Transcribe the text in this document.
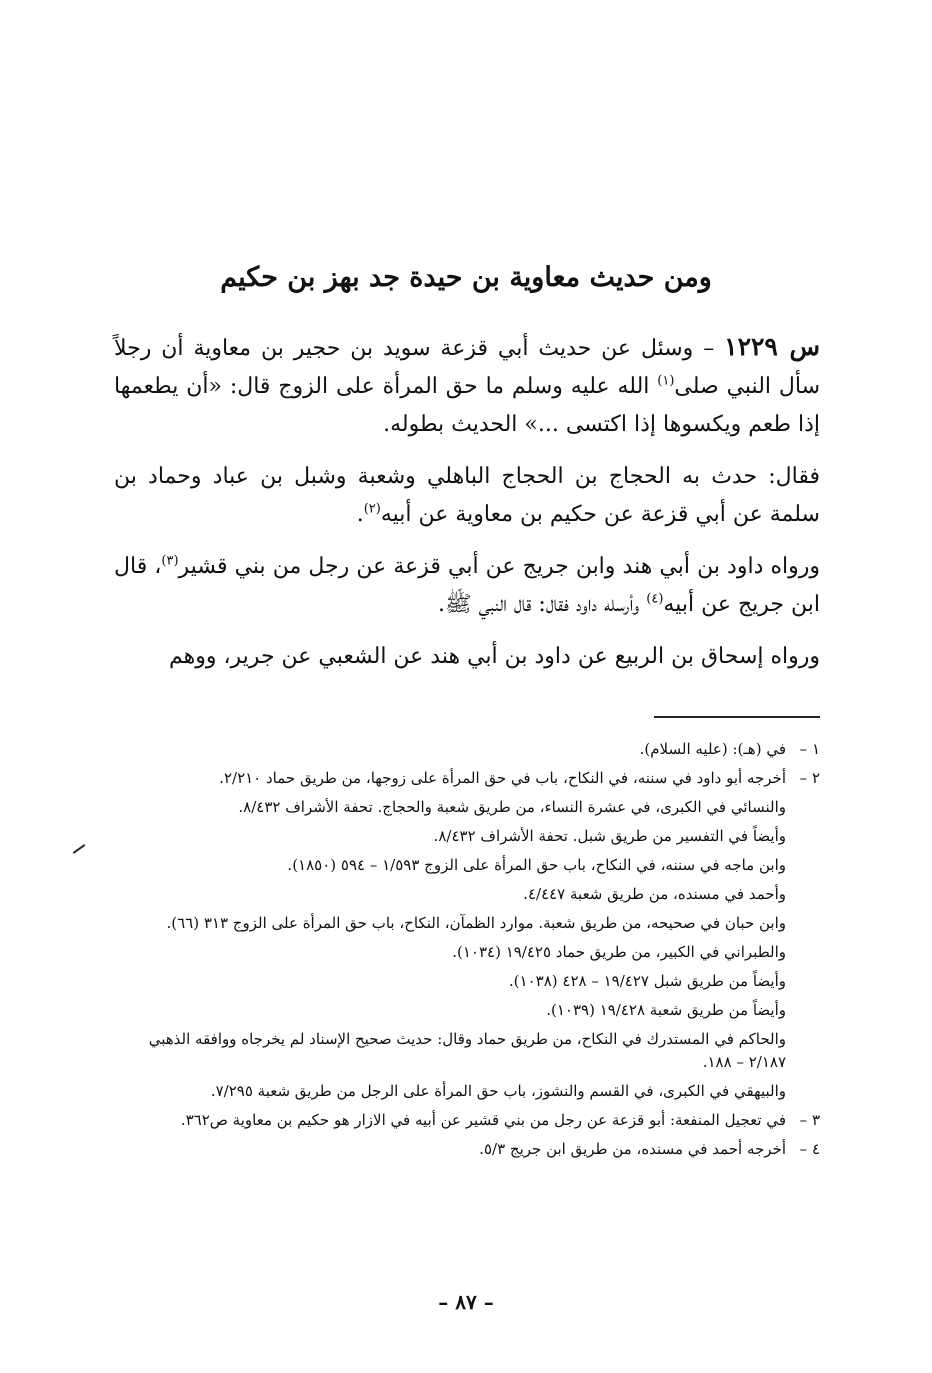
ومن حديث معاوية بن حيدة جد بهز بن حكيم

س ١٢٢٩ – وسئل عن حديث أبي قزعة سويد بن حجير بن معاوية أن رجلاً سأل النبي صلى$^{(١)}$ الله عليه وسلم ما حق المرأة على الزوج قال: «أن يطعمها إذا طعم ويكسوها إذا اكتسى ...» الحديث بطوله.

فقال: حدث به الحجاج بن الحجاج الباهلي وشعبة وشبل بن عباد وحماد بن سلمة عن أبي قزعة عن حكيم بن معاوية عن أبيه$^{(٢)}$.

ورواه داود بن أبي هند وابن جريج عن أبي قزعة عن رجل من بني قشير$^{(٣)}$، قال ابن جريج عن أبيه$^{(٤)}$ وأرسله داود فقال: قال النبي ﷺ.

ورواه إسحاق بن الربيع عن داود بن أبي هند عن الشعبي عن جرير، ووهم

١ –
في (هـ): (عليه السلام).
٢ –
أخرجه أبو داود في سننه، في النكاح، باب في حق المرأة على زوجها، من طريق حماد ٢/٢١٠.
والنسائي في الكبرى، في عشرة النساء، من طريق شعبة والحجاج. تحفة الأشراف ٨/٤٣٢.
وأيضاً في التفسير من طريق شبل. تحفة الأشراف ٨/٤٣٢.
وابن ماجه في سننه، في النكاح، باب حق المرأة على الزوج ١/٥٩٣ – ٥٩٤ (١٨٥٠).
وأحمد في مسنده، من طريق شعبة ٤/٤٤٧.
وابن حبان في صحيحه، من طريق شعبة. موارد الظمآن، النكاح، باب حق المرأة على الزوج ٣١٣ (٦٦).
والطبراني في الكبير، من طريق حماد ١٩/٤٢٥ (١٠٣٤).
وأيضاً من طريق شبل ١٩/٤٢٧ – ٤٢٨ (١٠٣٨).
وأيضاً من طريق شعبة ١٩/٤٢٨ (١٠٣٩).
والحاكم في المستدرك في النكاح، من طريق حماد وقال: حديث صحيح الإسناد لم يخرجاه ووافقه الذهبي ٢/١٨٧ – ١٨٨.
والبيهقي في الكبرى، في القسم والنشوز، باب حق المرأة على الرجل من طريق شعبة ٧/٢٩٥.
٣ –
في تعجيل المنفعة: أبو قزعة عن رجل من بني قشير عن أبيه في الازار هو حكيم بن معاوية ص٣٦٢.
٤ –
أخرجه أحمد في مسنده، من طريق ابن جريج ٥/٣.
– ٨٧ –
